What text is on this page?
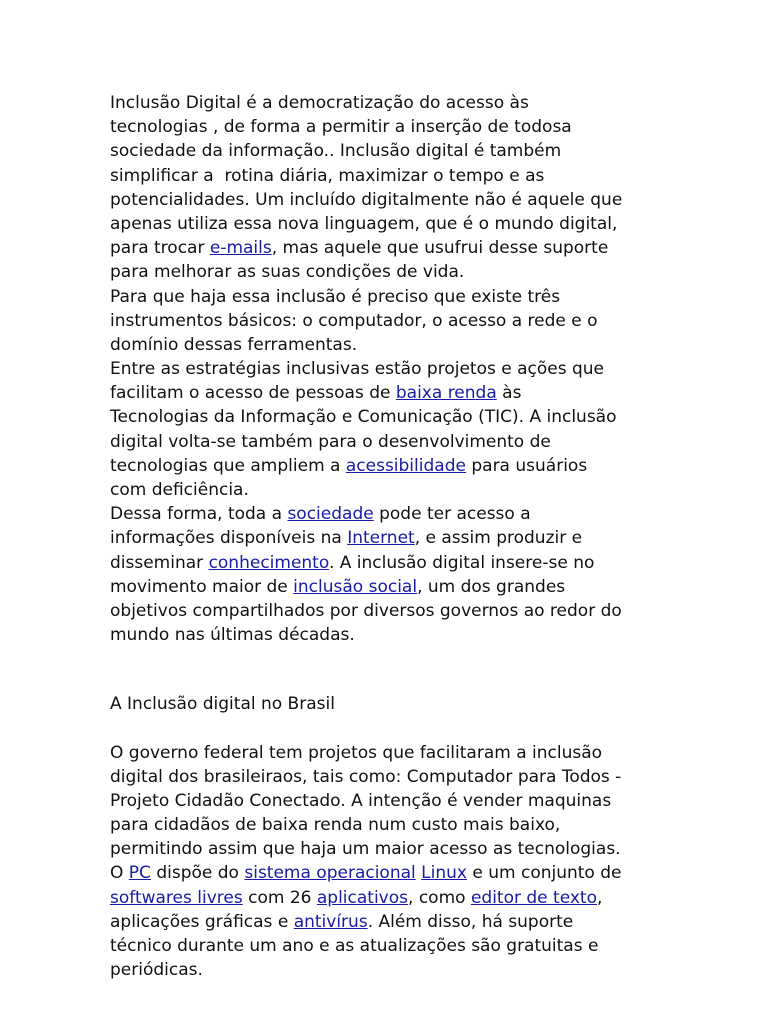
Inclusão Digital é a democratização do acesso às
tecnologias , de forma a permitir a inserção de todosa
sociedade da informação.. Inclusão digital é também
simplificar a  rotina diária, maximizar o tempo e as
potencialidades. Um incluído digitalmente não é aquele que
apenas utiliza essa nova linguagem, que é o mundo digital,
para trocar e-mails, mas aquele que usufrui desse suporte
para melhorar as suas condições de vida.
Para que haja essa inclusão é preciso que existe três
instrumentos básicos: o computador, o acesso a rede e o
domínio dessas ferramentas.
Entre as estratégias inclusivas estão projetos e ações que
facilitam o acesso de pessoas de baixa renda às
Tecnologias da Informação e Comunicação (TIC). A inclusão
digital volta-se também para o desenvolvimento de
tecnologias que ampliem a acessibilidade para usuários
com deficiência.
Dessa forma, toda a sociedade pode ter acesso a
informações disponíveis na Internet, e assim produzir e
disseminar conhecimento. A inclusão digital insere-se no
movimento maior de inclusão social, um dos grandes
objetivos compartilhados por diversos governos ao redor do
mundo nas últimas décadas.
A Inclusão digital no Brasil
O governo federal tem projetos que facilitaram a inclusão
digital dos brasileiraos, tais como: Computador para Todos -
Projeto Cidadão Conectado. A intenção é vender maquinas
para cidadãos de baixa renda num custo mais baixo,
permitindo assim que haja um maior acesso as tecnologias.
O PC dispõe do sistema operacional Linux e um conjunto de
softwares livres com 26 aplicativos, como editor de texto,
aplicações gráficas e antivírus. Além disso, há suporte
técnico durante um ano e as atualizações são gratuitas e
periódicas.
